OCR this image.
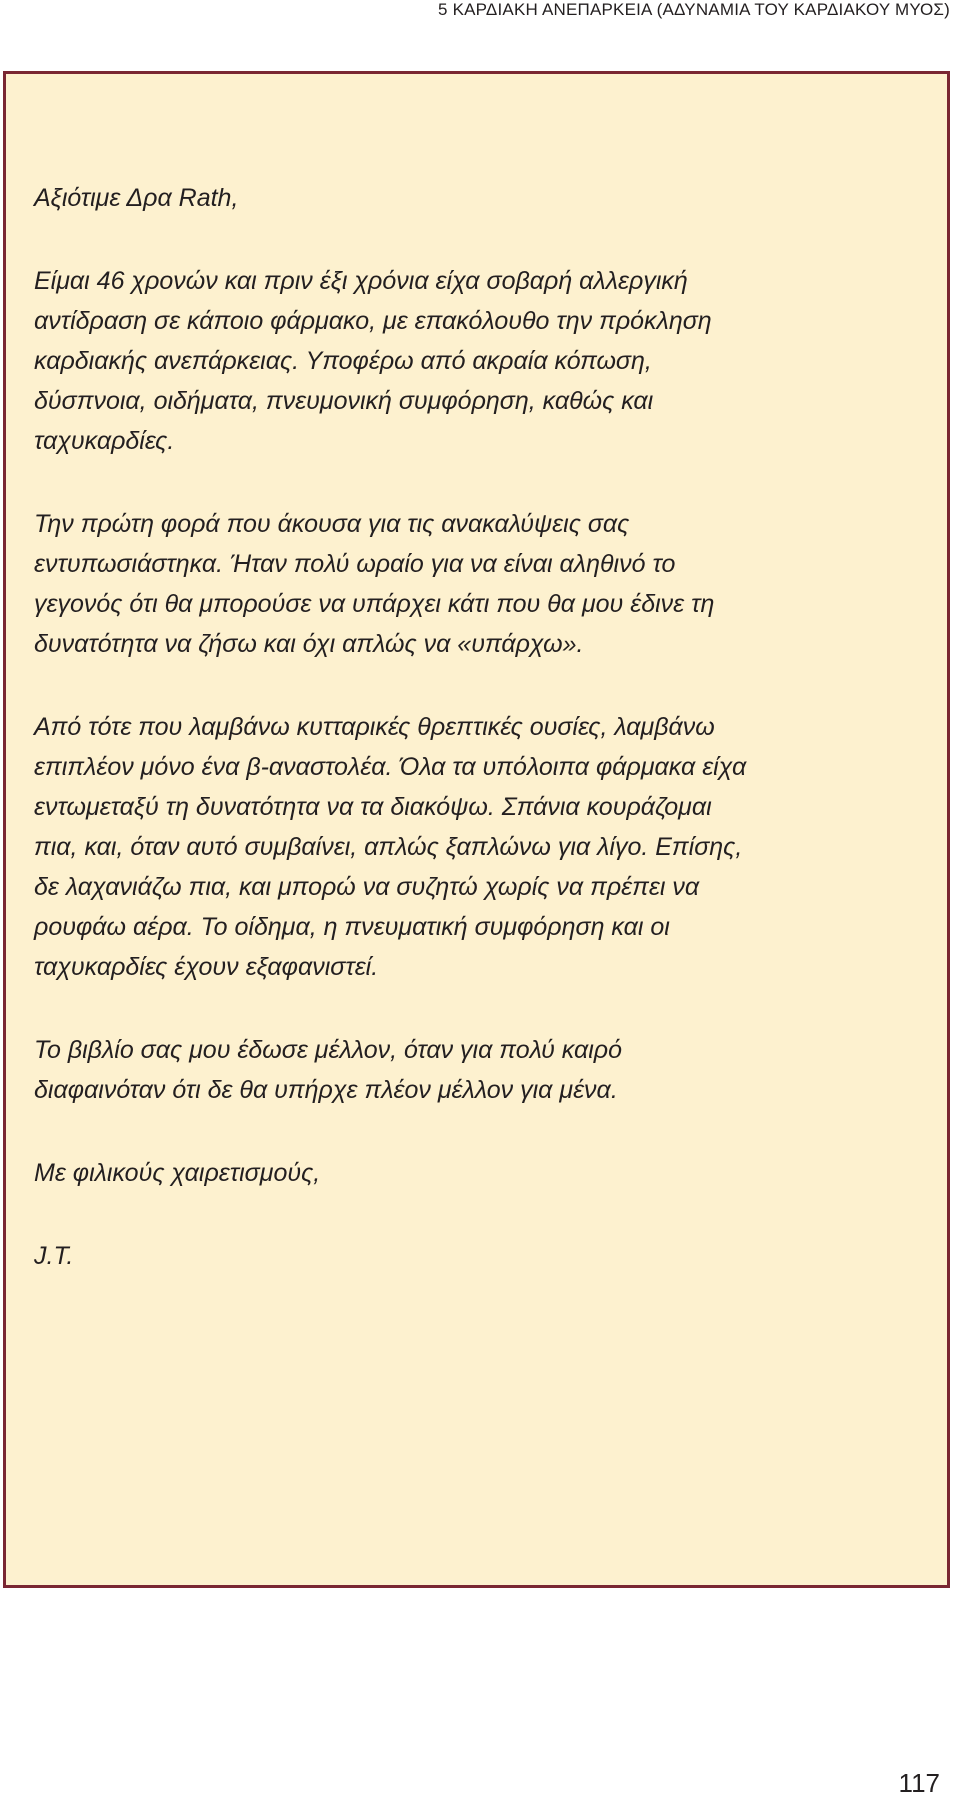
5 ΚΑΡΔΙΑΚΗ ΑΝΕΠΑΡΚΕΙΑ (ΑΔΥΝΑΜΙΑ ΤΟΥ ΚΑΡΔΙΑΚΟΥ ΜΥΟΣ)

Αξιότιμε Δρα Rath,

Είμαι 46 χρονών και πριν έξι χρόνια είχα σοβαρή αλλεργική
αντίδραση σε κάποιο φάρμακο, με επακόλουθο την πρόκληση
καρδιακής ανεπάρκειας. Υποφέρω από ακραία κόπωση,
δύσπνοια, οιδήματα, πνευμονική συμφόρηση, καθώς και
ταχυκαρδίες.

Την πρώτη φορά που άκουσα για τις ανακαλύψεις σας
εντυπωσιάστηκα. Ήταν πολύ ωραίο για να είναι αληθινό το
γεγονός ότι θα μπορούσε να υπάρχει κάτι που θα μου έδινε τη
δυνατότητα να ζήσω και όχι απλώς να «υπάρχω».

Από τότε που λαμβάνω κυτταρικές θρεπτικές ουσίες, λαμβάνω
επιπλέον μόνο ένα β-αναστολέα. Όλα τα υπόλοιπα φάρμακα είχα
εντωμεταξύ τη δυνατότητα να τα διακόψω. Σπάνια κουράζομαι
πια, και, όταν αυτό συμβαίνει, απλώς ξαπλώνω για λίγο. Επίσης,
δε λαχανιάζω πια, και μπορώ να συζητώ χωρίς να πρέπει να
ρουφάω αέρα. Το οίδημα, η πνευματική συμφόρηση και οι
ταχυκαρδίες έχουν εξαφανιστεί.

Το βιβλίο σας μου έδωσε μέλλον, όταν για πολύ καιρό
διαφαινόταν ότι δε θα υπήρχε πλέον μέλλον για μένα.

Με φιλικούς χαιρετισμούς,

J.T.

117
